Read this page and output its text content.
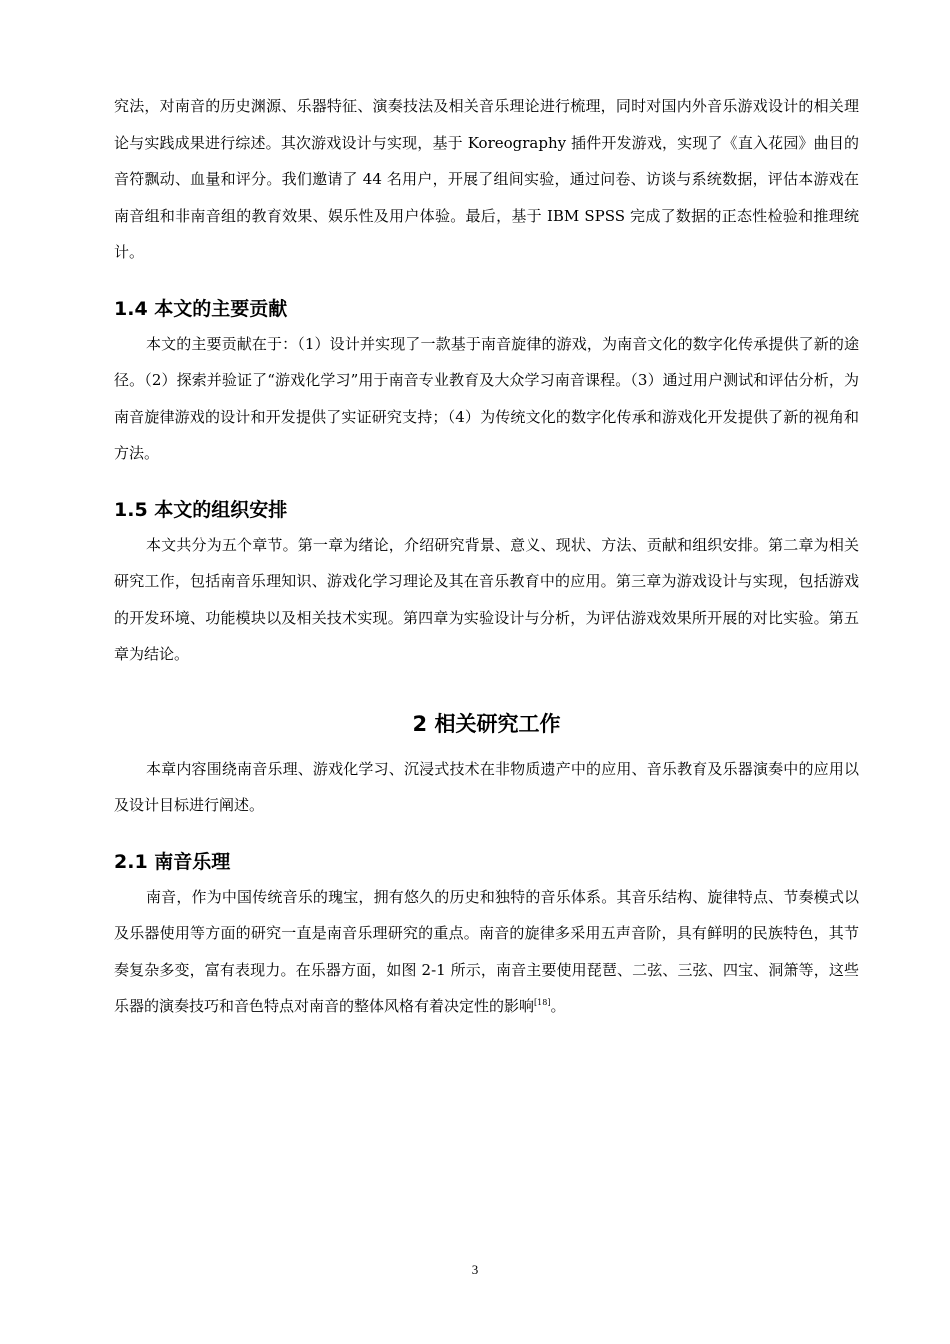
究法，对南音的历史渊源、乐器特征、演奏技法及相关音乐理论进行梳理，同时对国内外音乐游戏设计的相关理论与实践成果进行综述。其次游戏设计与实现，基于 Koreography 插件开发游戏，实现了《直入花园》曲目的音符飘动、血量和评分。我们邀请了 44 名用户，开展了组间实验，通过问卷、访谈与系统数据，评估本游戏在南音组和非南音组的教育效果、娱乐性及用户体验。最后，基于 IBM SPSS 完成了数据的正态性检验和推理统计。

1.4 本文的主要贡献

本文的主要贡献在于：（1）设计并实现了一款基于南音旋律的游戏，为南音文化的数字化传承提供了新的途径。（2）探索并验证了“游戏化学习”用于南音专业教育及大众学习南音课程。（3）通过用户测试和评估分析，为南音旋律游戏的设计和开发提供了实证研究支持；（4）为传统文化的数字化传承和游戏化开发提供了新的视角和方法。

1.5 本文的组织安排

本文共分为五个章节。第一章为绪论，介绍研究背景、意义、现状、方法、贡献和组织安排。第二章为相关研究工作，包括南音乐理知识、游戏化学习理论及其在音乐教育中的应用。第三章为游戏设计与实现，包括游戏的开发环境、功能模块以及相关技术实现。第四章为实验设计与分析，为评估游戏效果所开展的对比实验。第五章为结论。

2 相关研究工作

本章内容围绕南音乐理、游戏化学习、沉浸式技术在非物质遗产中的应用、音乐教育及乐器演奏中的应用以及设计目标进行阐述。

2.1 南音乐理

南音，作为中国传统音乐的瑰宝，拥有悠久的历史和独特的音乐体系。其音乐结构、旋律特点、节奏模式以及乐器使用等方面的研究一直是南音乐理研究的重点。南音的旋律多采用五声音阶，具有鲜明的民族特色，其节奏复杂多变，富有表现力。在乐器方面，如图 2-1 所示，南音主要使用琵琶、二弦、三弦、四宝、洞箫等，这些乐器的演奏技巧和音色特点对南音的整体风格有着决定性的影响[18]。

3
